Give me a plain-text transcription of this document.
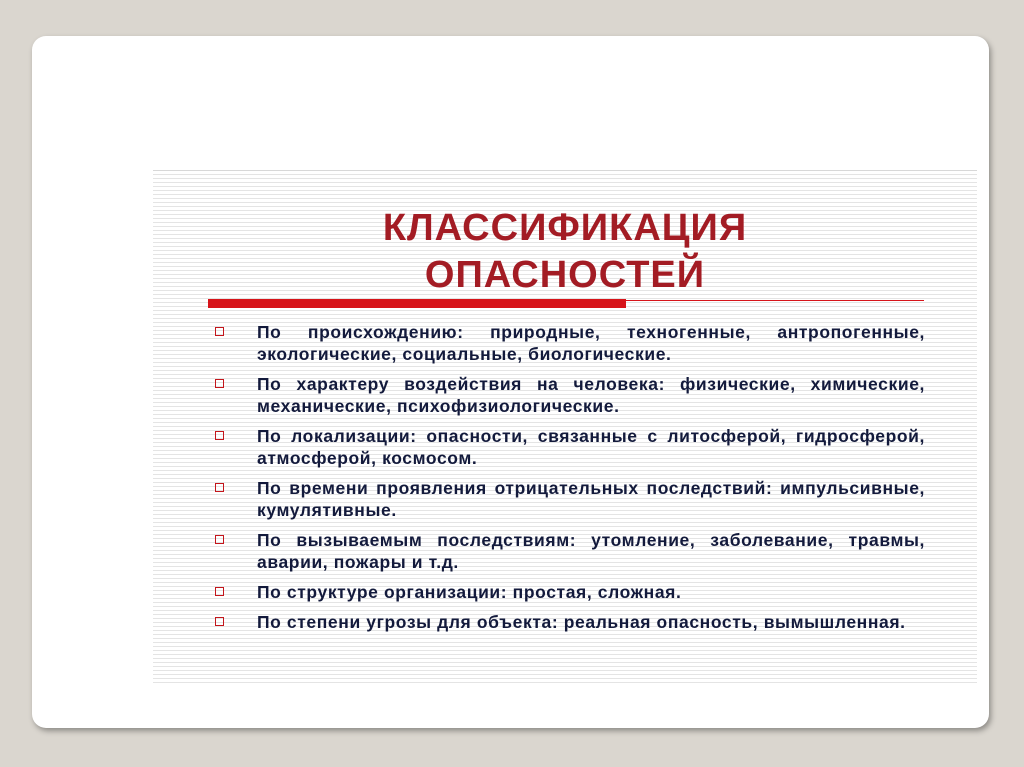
КЛАССИФИКАЦИЯ
ОПАСНОСТЕЙ
По происхождению: природные, техногенные, антропогенные, экологические, социальные, биологические.
По характеру воздействия на человека: физические, химические, механические, психофизиологические.
По локализации: опасности, связанные с литосферой, гидросферой, атмосферой, космосом.
По времени проявления отрицательных последствий: импульсивные, кумулятивные.
По вызываемым последствиям: утомление, заболевание, травмы, аварии, пожары и т.д.
По структуре организации: простая, сложная.
По степени угрозы для объекта: реальная опасность, вымышленная.
